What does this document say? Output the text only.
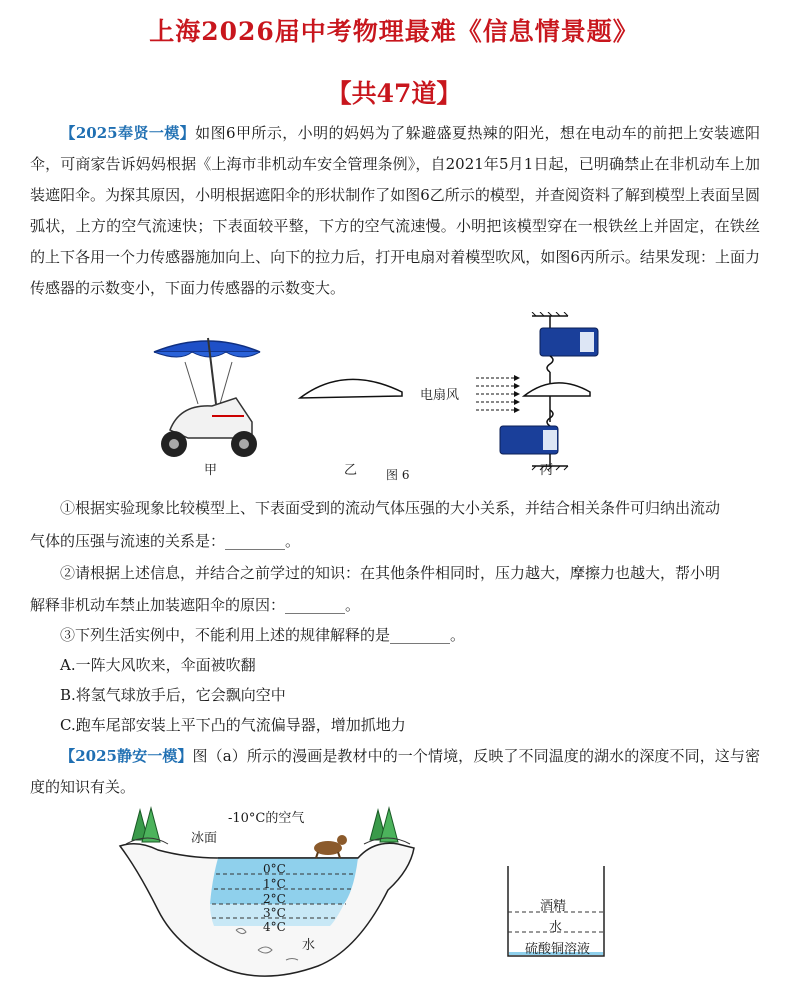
上海2026届中考物理最难《信息情景题》
【共47道】
【2025奉贤一模】如图6甲所示，小明的妈妈为了躲避盛夏热辣的阳光，想在电动车的前把上安装遮阳伞，可商家告诉妈妈根据《上海市非机动车安全管理条例》，自2021年5月1日起，已明确禁止在非机动车上加装遮阳伞。为探其原因，小明根据遮阳伞的形状制作了如图6乙所示的模型，并查阅资料了解到模型上表面呈圆弧状，上方的空气流速快；下表面较平整，下方的空气流速慢。小明把该模型穿在一根铁丝上并固定，在铁丝的上下各用一个力传感器施加向上、向下的拉力后，打开电扇对着模型吹风，如图6丙所示。结果发现：上面力传感器的示数变小，下面力传感器的示数变大。
电扇风
甲	乙 图 6	丙
①根据实验现象比较模型上、下表面受到的流动气体压强的大小关系，并结合相关条件可归纳出流动
气体的压强与流速的关系是：________。
②请根据上述信息，并结合之前学过的知识：在其他条件相同时，压力越大，摩擦力也越大，帮小明
解释非机动车禁止加装遮阳伞的原因：________。
③下列生活实例中，不能利用上述的规律解释的是________。
A.一阵大风吹来，伞面被吹翻
B.将氢气球放手后，它会飘向空中
C.跑车尾部安装上平下凸的气流偏导器，增加抓地力
【2025静安一模】图（a）所示的漫画是教材中的一个情境，反映了不同温度的湖水的深度不同，这与密度的知识有关。
-10°C的空气
冰面
0°C
1°C
2°C
3°C
4°C
水
酒精
水
硫酸铜溶液
